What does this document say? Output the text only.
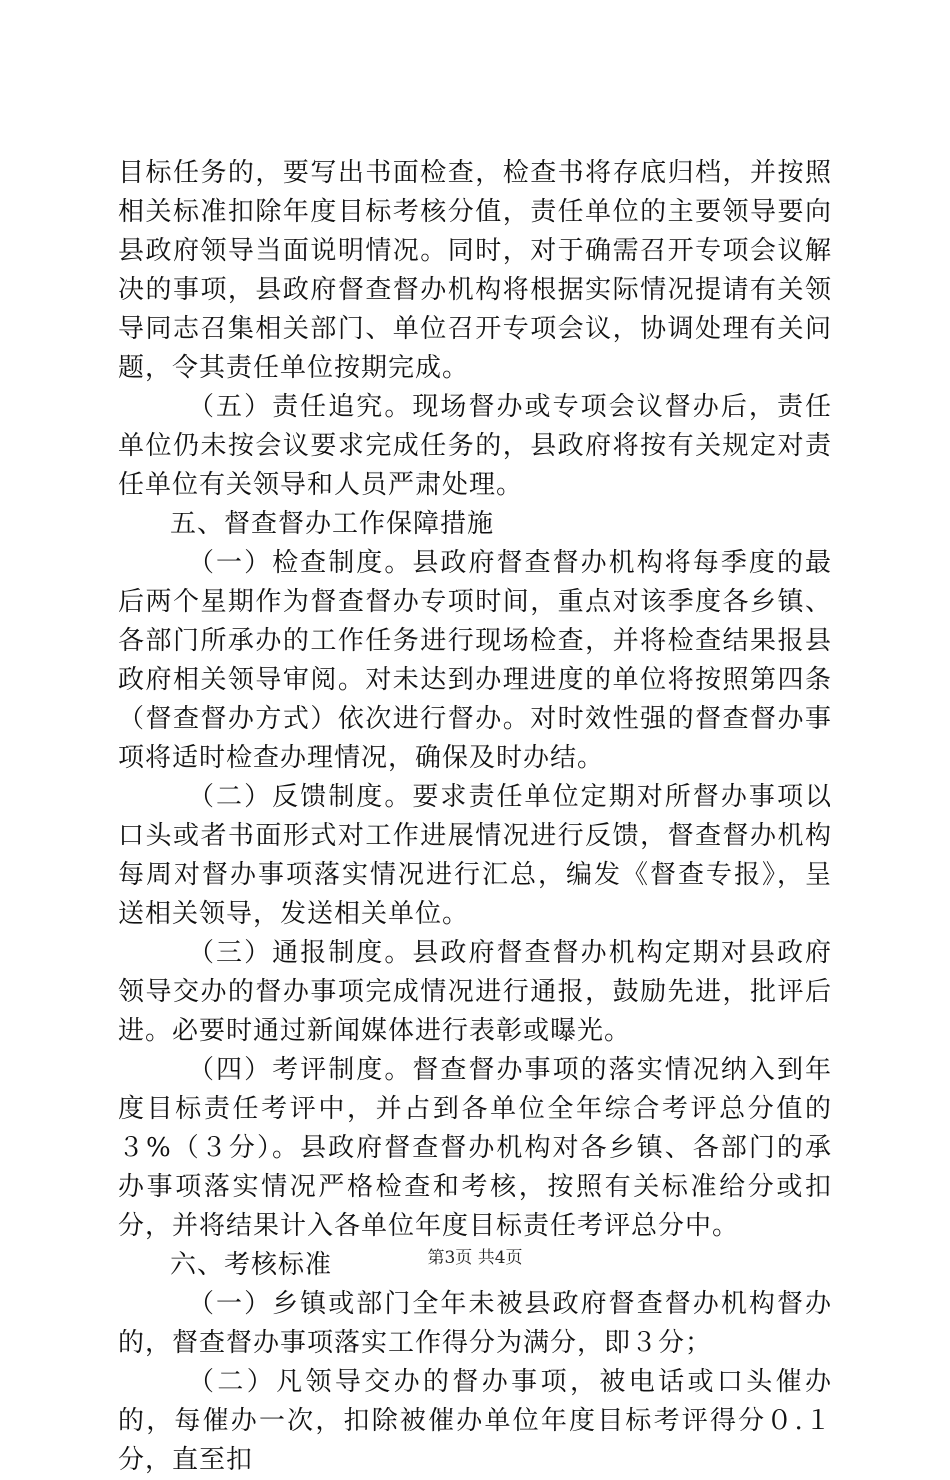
目标任务的，要写出书面检查，检查书将存底归档，并按照相关标准扣除年度目标考核分值，责任单位的主要领导要向县政府领导当面说明情况。同时，对于确需召开专项会议解决的事项，县政府督查督办机构将根据实际情况提请有关领导同志召集相关部门、单位召开专项会议，协调处理有关问题，令其责任单位按期完成。

（五）责任追究。现场督办或专项会议督办后，责任单位仍未按会议要求完成任务的，县政府将按有关规定对责任单位有关领导和人员严肃处理。

五、督查督办工作保障措施

（一）检查制度。县政府督查督办机构将每季度的最后两个星期作为督查督办专项时间，重点对该季度各乡镇、各部门所承办的工作任务进行现场检查，并将检查结果报县政府相关领导审阅。对未达到办理进度的单位将按照第四条（督查督办方式）依次进行督办。对时效性强的督查督办事项将适时检查办理情况，确保及时办结。

（二）反馈制度。要求责任单位定期对所督办事项以口头或者书面形式对工作进展情况进行反馈，督查督办机构每周对督办事项落实情况进行汇总，编发《督查专报》，呈送相关领导，发送相关单位。

（三）通报制度。县政府督查督办机构定期对县政府领导交办的督办事项完成情况进行通报，鼓励先进，批评后进。必要时通过新闻媒体进行表彰或曝光。

（四）考评制度。督查督办事项的落实情况纳入到年度目标责任考评中，并占到各单位全年综合考评总分值的３%（３分）。县政府督查督办机构对各乡镇、各部门的承办事项落实情况严格检查和考核，按照有关标准给分或扣分，并将结果计入各单位年度目标责任考评总分中。

六、考核标准

（一）乡镇或部门全年未被县政府督查督办机构督办的，督查督办事项落实工作得分为满分，即３分；

（二）凡领导交办的督办事项，被电话或口头催办的，每催办一次，扣除被催办单位年度目标考评得分０.１分，直至扣

第3页 共4页
